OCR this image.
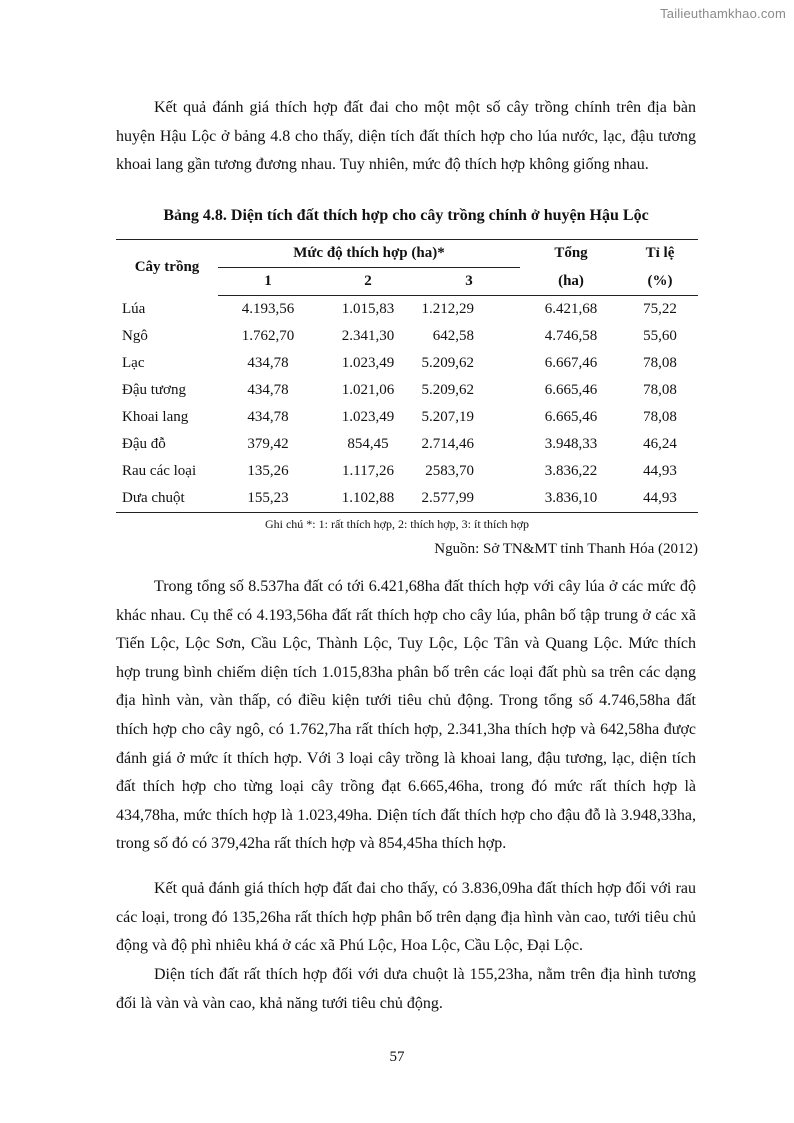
Tailieuthamkhao.com

Kết quả đánh giá thích hợp đất đai cho một một số cây trồng chính trên địa bàn huyện Hậu Lộc ở bảng 4.8 cho thấy, diện tích đất thích hợp cho lúa nước, lạc, đậu tương khoai lang gần tương đương nhau. Tuy nhiên, mức độ thích hợp không giống nhau.

Bảng 4.8. Diện tích đất thích hợp cho cây trồng chính ở huyện Hậu Lộc

Cây trồng	Mức độ thích hợp (ha)*			Tổng	Tỉ lệ
	1	2	3	(ha)	(%)
Lúa	4.193,56	1.015,83	1.212,29	6.421,68	75,22
Ngô	1.762,70	2.341,30	642,58	4.746,58	55,60
Lạc	434,78	1.023,49	5.209,62	6.667,46	78,08
Đậu tương	434,78	1.021,06	5.209,62	6.665,46	78,08
Khoai lang	434,78	1.023,49	5.207,19	6.665,46	78,08
Đậu đỗ	379,42	854,45	2.714,46	3.948,33	46,24
Rau các loại	135,26	1.117,26	2583,70	3.836,22	44,93
Dưa chuột	155,23	1.102,88	2.577,99	3.836,10	44,93

Ghi chú *: 1: rất thích hợp, 2: thích hợp, 3: ít thích hợp

Nguồn: Sở TN&MT tỉnh Thanh Hóa (2012)

Trong tổng số 8.537ha đất có tới 6.421,68ha đất thích hợp với cây lúa ở các mức độ khác nhau. Cụ thể có 4.193,56ha đất rất thích hợp cho cây lúa, phân bố tập trung ở các xã Tiến Lộc, Lộc Sơn, Cầu Lộc, Thành Lộc, Tuy Lộc, Lộc Tân và Quang Lộc. Mức thích hợp trung bình chiếm diện tích 1.015,83ha phân bố trên các loại đất phù sa trên các dạng địa hình vàn, vàn thấp, có điều kiện tưới tiêu chủ động. Trong tổng số 4.746,58ha đất thích hợp cho cây ngô, có 1.762,7ha rất thích hợp, 2.341,3ha thích hợp và 642,58ha được đánh giá ở mức ít thích hợp. Với 3 loại cây trồng là khoai lang, đậu tương, lạc, diện tích đất thích hợp cho từng loại cây trồng đạt 6.665,46ha, trong đó mức rất thích hợp là 434,78ha, mức thích hợp là 1.023,49ha. Diện tích đất thích hợp cho đậu đỗ là 3.948,33ha, trong số đó có 379,42ha rất thích hợp và 854,45ha thích hợp.

Kết quả đánh giá thích hợp đất đai cho thấy, có 3.836,09ha đất thích hợp đối với rau các loại, trong đó 135,26ha rất thích hợp phân bố trên dạng địa hình vàn cao, tưới tiêu chủ động và độ phì nhiêu khá ở các xã Phú Lộc, Hoa Lộc, Cầu Lộc, Đại Lộc.

Diện tích đất rất thích hợp đối với dưa chuột là 155,23ha, nằm trên địa hình tương đối là vàn và vàn cao, khả năng tưới tiêu chủ động.

57
